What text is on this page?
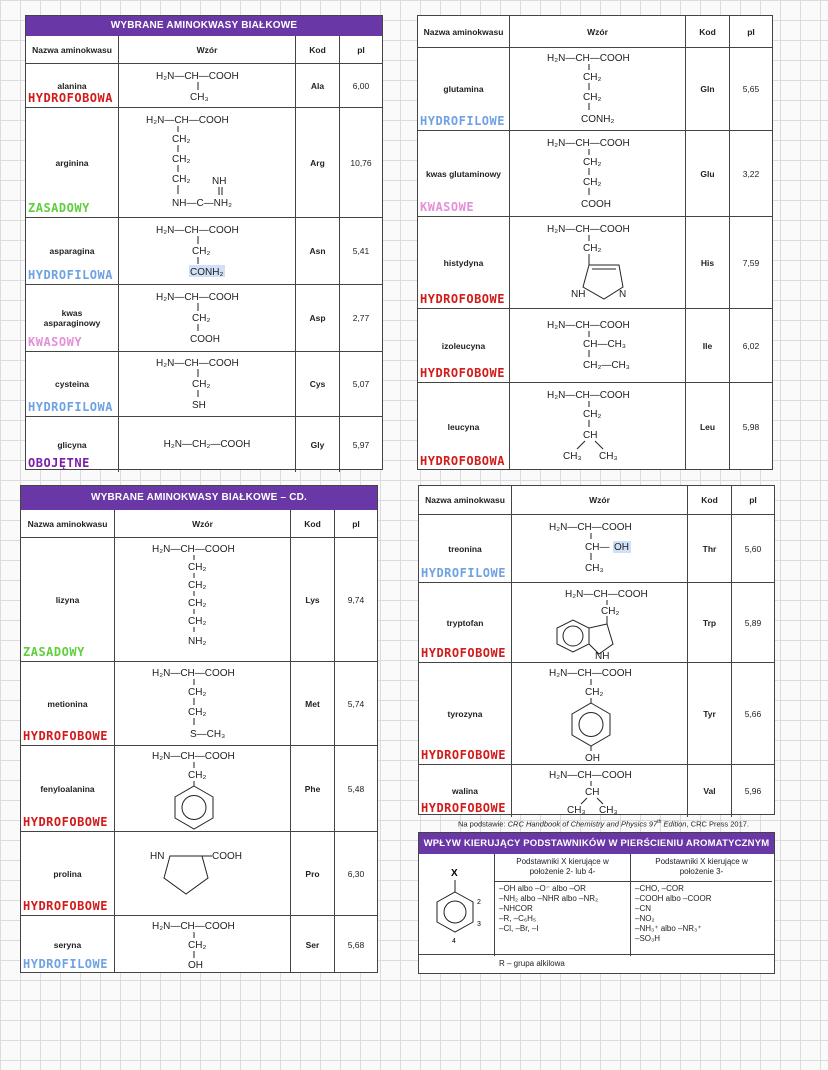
WYBRANE AMINOKWASY BIAŁKOWE
Nazwa aminokwasu	Wzór	Kod	pI
alanina
HYDROFOBOWA
H₂N—CH—COOH
CH₃
Ala	6,00
arginina
ZASADOWY
H₂N—CH—COOH
CH₂
CH₂
CH₂ NH
NH—C—NH₂
Arg	10,76
asparagina
HYDROFILOWA
H₂N—CH—COOH
CH₂
CONH₂
Asn	5,41
kwas asparaginowy
KWASOWY
H₂N—CH—COOH
CH₂
COOH
Asp	2,77
cysteina
HYDROFILOWA
H₂N—CH—COOH
CH₂
SH
Cys	5,07
glicyna
OBOJĘTNE
H₂N—CH₂—COOH	Gly	5,97
Nazwa aminokwasu	Wzór	Kod	pI
glutamina
HYDROFILOWE
H₂N—CH—COOH
CH₂
CH₂
CONH₂
Gln	5,65
kwas glutaminowy
KWASOWE
H₂N—CH—COOH
CH₂
CH₂
COOH
Glu	3,22
histydyna
HYDROFOBOWE
H₂N—CH—COOH
CH₂
NH	N
His	7,59
izoleucyna
HYDROFOBOWE
H₂N—CH—COOH
CH—CH₃
CH₂—CH₃
Ile	6,02
leucyna
HYDROFOBOWA
H₂N—CH—COOH
CH₂
CH
CH₃ CH₃
Leu	5,98
WYBRANE AMINOKWASY BIAŁKOWE – CD.
Nazwa aminokwasu	Wzór	Kod	pI
lizyna
ZASADOWY
H₂N—CH—COOH
CH₂
CH₂
CH₂
CH₂
NH₂
Lys	9,74
metionina
HYDROFOBOWE
H₂N—CH—COOH
CH₂
CH₂
S—CH₃
Met	5,74
fenyloalanina
HYDROFOBOWE
H₂N—CH—COOH
CH₂
Phe	5,48
prolina
HYDROFOBOWE
HN	COOH
Pro	6,30
seryna
HYDROFILOWE
H₂N—CH—COOH
CH₂
OH
Ser	5,68
Nazwa aminokwasu	Wzór	Kod	pI
treonina
HYDROFILOWE
H₂N—CH—COOH
CH— OH
CH₃
Thr	5,60
tryptofan
HYDROFOBOWE
H₂N—CH—COOH
CH₂
NH
Trp	5,89
tyrozyna
HYDROFOBOWE
H₂N—CH—COOH
CH₂
OH
Tyr	5,66
walina
HYDROFOBOWE
H₂N—CH—COOH
CH
CH₃ CH₃
Val	5,96
Na podstawie: CRC Handbook of Chemistry and Physics 97th Edition, CRC Press 2017.
WPŁYW KIERUJĄCY PODSTAWNIKÓW W PIERŚCIENIU AROMATYCZNYM
X
2
3
4
Podstawniki X kierujące w położenie 2- lub 4-
–OH albo –O⁻ albo –OR
–NH₂ albo –NHR albo –NR₂
–NHCOR
–R, –C₆H₅
–Cl, –Br, –I
Podstawniki X kierujące w położenie 3-
–CHO, –COR
–COOH albo –COOR
–CN
–NO₂
–NH₃⁺ albo –NR₃⁺
–SO₃H
R – grupa alkilowa
